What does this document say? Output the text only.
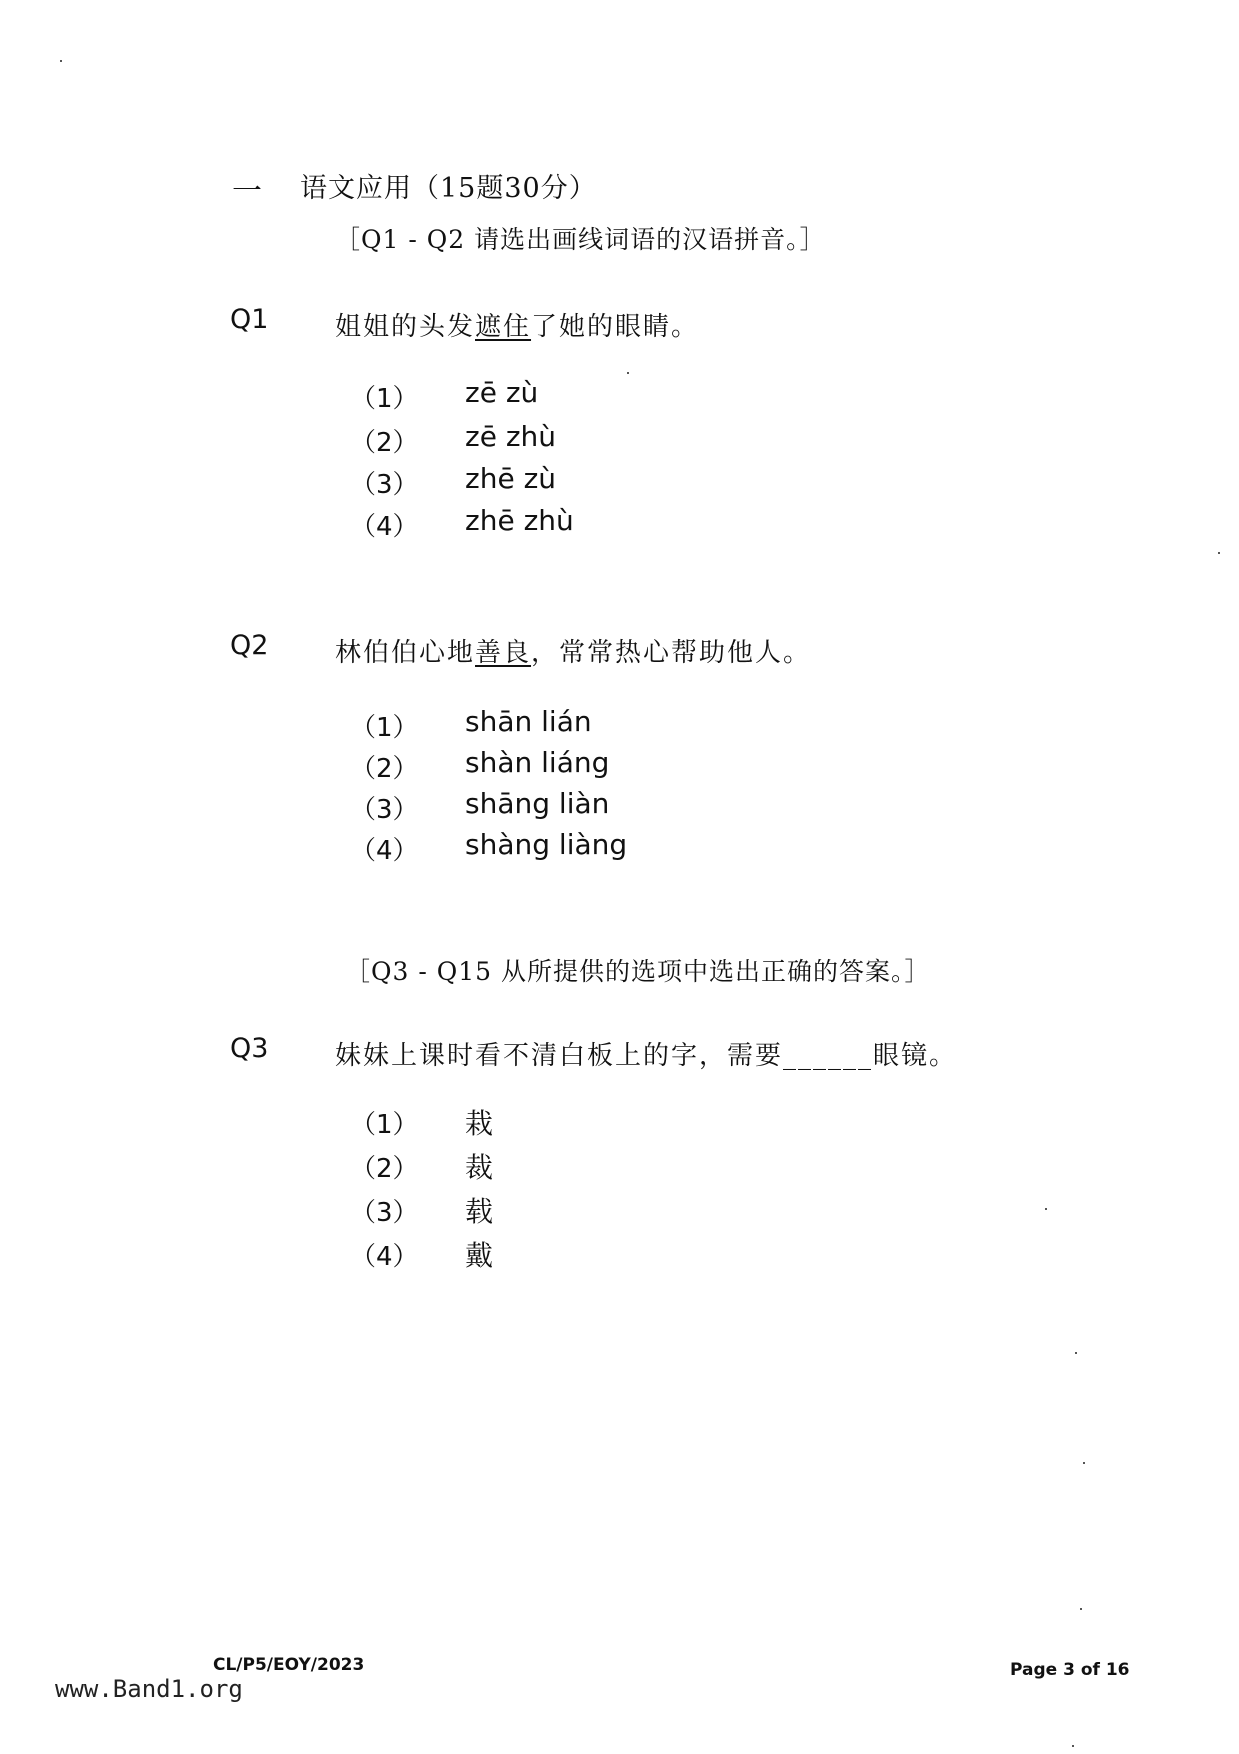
一 语文应用（15题30分）
［Q1 - Q2 请选出画线词语的汉语拼音。］
Q1	姐姐的头发遮住了她的眼睛。
（1） zē zù
（2） zē zhù
（3） zhē zù
（4） zhē zhù
Q2	林伯伯心地善良，常常热心帮助他人。
（1） shān lián
（2） shàn liáng
（3） shāng liàn
（4） shàng liàng
［Q3 - Q15 从所提供的选项中选出正确的答案。］
Q3	妹妹上课时看不清白板上的字，需要______眼镜。
（1） 栽
（2） 裁
（3） 载
（4） 戴
CL/P5/EOY/2023
www.Band1.org
Page 3 of 16
